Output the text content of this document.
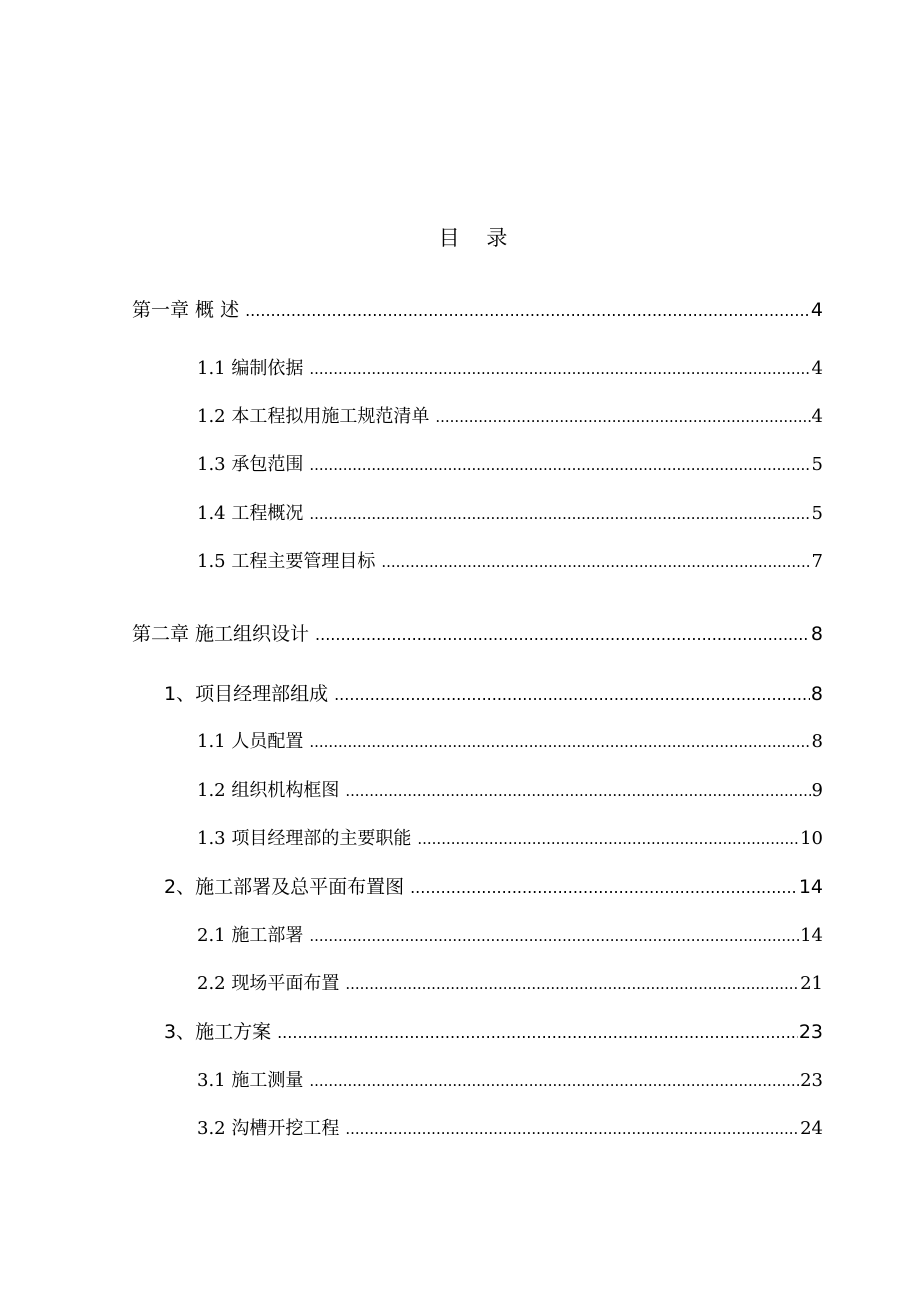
目    录
第一章 概 述 .....	4
1.1 编制依据 .....	4
1.2 本工程拟用施工规范清单 .....	4
1.3 承包范围 .....	5
1.4 工程概况 .....	5
1.5 工程主要管理目标 .....	7
第二章 施工组织设计 .....	8
1、项目经理部组成 .....	8
1.1 人员配置 .....	8
1.2 组织机构框图 .....	9
1.3 项目经理部的主要职能 .....	10
2、施工部署及总平面布置图 .....	14
2.1 施工部署 .....	14
2.2 现场平面布置 .....	21
3、施工方案 .....	23
3.1 施工测量 .....	23
3.2 沟槽开挖工程 .....	24
